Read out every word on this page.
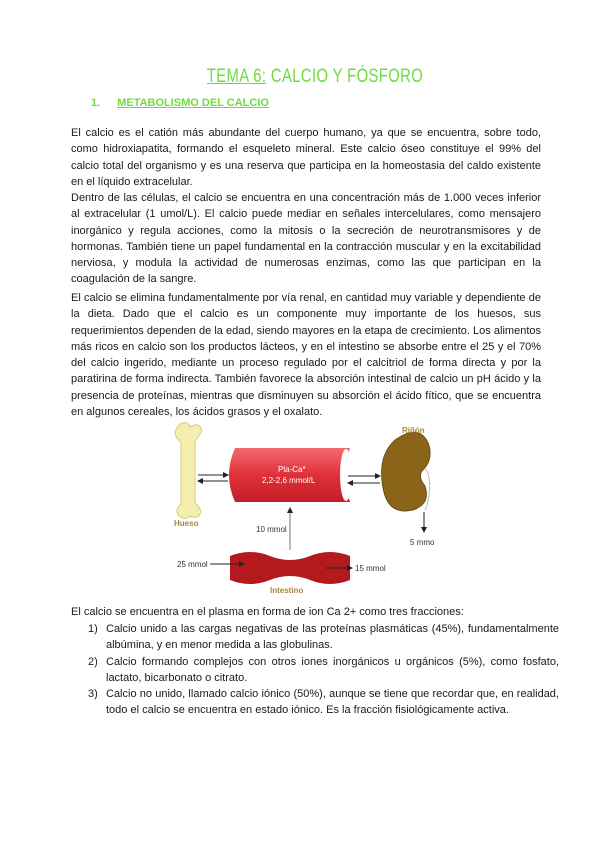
TEMA 6: CALCIO Y FÓSFORO
1. METABOLISMO DEL CALCIO

El calcio es el catión más abundante del cuerpo humano, ya que se encuentra, sobre todo, como hidroxiapatita, formando el esqueleto mineral. Este calcio óseo constituye el 99% del calcio total del organismo y es una reserva que participa en la homeostasia del caldo existente en el líquido extracelular.

Dentro de las células, el calcio se encuentra en una concentración más de 1.000 veces inferior al extracelular (1 umol/L). El calcio puede mediar en señales intercelulares, como mensajero inorgánico y regula acciones, como la mitosis o la secreción de neurotransmisores y de hormonas. También tiene un papel fundamental en la contracción muscular y en la excitabilidad nerviosa, y modula la actividad de numerosas enzimas, como las que participan en la coagulación de la sangre.

El calcio se elimina fundamentalmente por vía renal, en cantidad muy variable y dependiente de la dieta. Dado que el calcio es un componente muy importante de los huesos, sus requerimientos dependen de la edad, siendo mayores en la etapa de crecimiento. Los alimentos más ricos en calcio son los productos lácteos, y en el intestino se absorbe entre el 25 y el 70% del calcio ingerido, mediante un proceso regulado por el calcitriol de forma directa y por la paratirina de forma indirecta. También favorece la absorción intestinal de calcio un pH ácido y la presencia de proteínas, mientras que disminuyen su absorción el ácido fítico, que se encuentra en algunos cereales, los ácidos grasos y el oxalato.

Hueso
Pla-Ca*
2,2-2,6 mmol/L
Riñón
5 mmo
10 mmol
25 mmol	15 mmol
Intestino

El calcio se encuentra en el plasma en forma de ion Ca 2+ como tres fracciones:

1) Calcio unido a las cargas negativas de las proteínas plasmáticas (45%), fundamentalmente albúmina, y en menor medida a las globulinas.
2) Calcio formando complejos con otros iones inorgánicos u orgánicos (5%), como fosfato, lactato, bicarbonato o citrato.
3) Calcio no unido, llamado calcio iónico (50%), aunque se tiene que recordar que, en realidad, todo el calcio se encuentra en estado iónico. Es la fracción fisiológicamente activa.
